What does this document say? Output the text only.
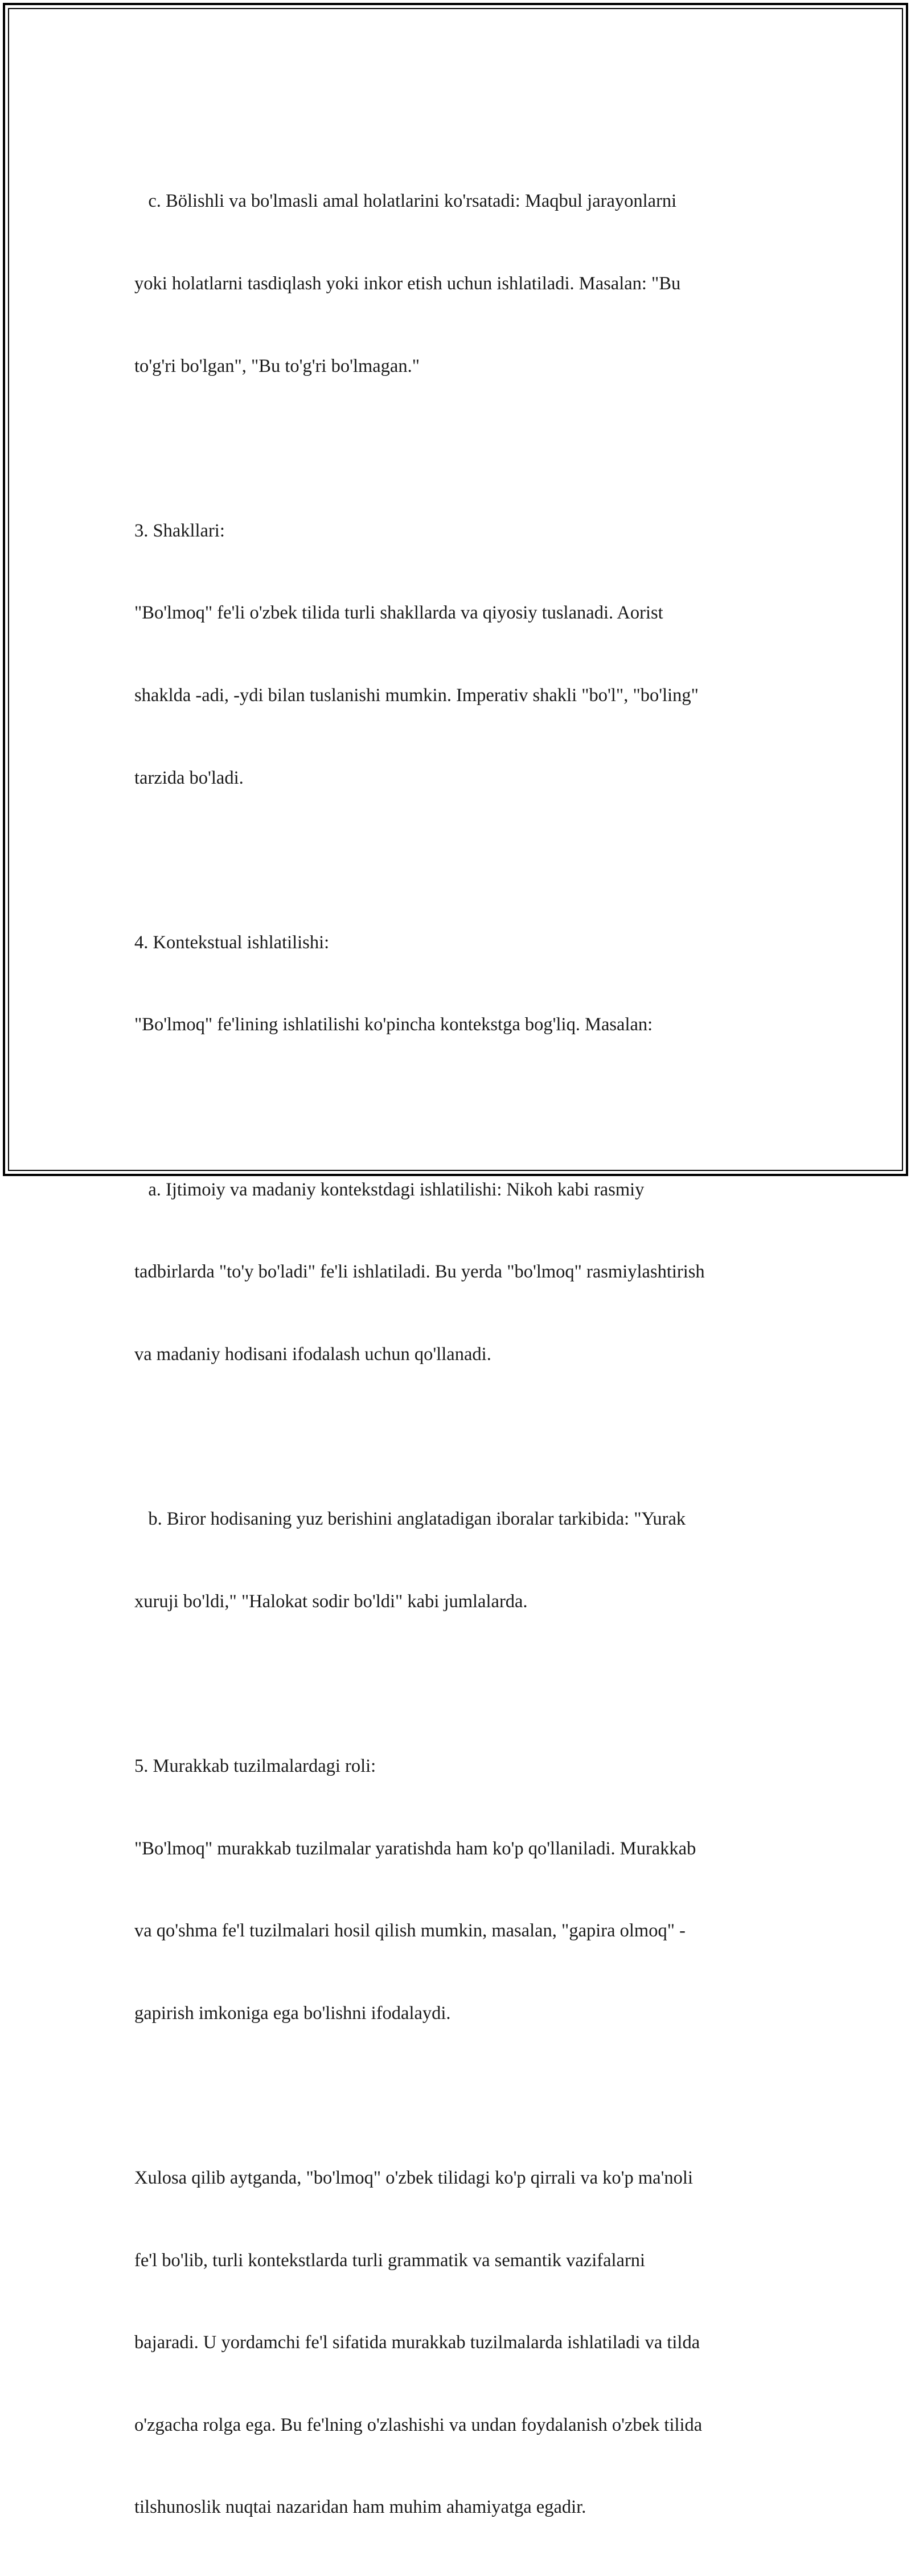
c. Bölishli va bo'lmasli amal holatlarini ko'rsatadi: Maqbul jarayonlarni

yoki holatlarni tasdiqlash yoki inkor etish uchun ishlatiladi. Masalan: "Bu

to'g'ri bo'lgan", "Bu to'g'ri bo'lmagan."

3. Shakllari:

"Bo'lmoq" fe'li o'zbek tilida turli shakllarda va qiyosiy tuslanadi. Aorist

shaklda -adi, -ydi bilan tuslanishi mumkin. Imperativ shakli "bo'l", "bo'ling"

tarzida bo'ladi.

4. Kontekstual ishlatilishi:

"Bo'lmoq" fe'lining ishlatilishi ko'pincha kontekstga bog'liq. Masalan:

a. Ijtimoiy va madaniy kontekstdagi ishlatilishi: Nikoh kabi rasmiy

tadbirlarda "to'y bo'ladi" fe'li ishlatiladi. Bu yerda "bo'lmoq" rasmiylashtirish

va madaniy hodisani ifodalash uchun qo'llanadi.

b. Biror hodisaning yuz berishini anglatadigan iboralar tarkibida: "Yurak

xuruji bo'ldi," "Halokat sodir bo'ldi" kabi jumlalarda.

5. Murakkab tuzilmalardagi roli:

"Bo'lmoq" murakkab tuzilmalar yaratishda ham ko'p qo'llaniladi. Murakkab

va qo'shma fe'l tuzilmalari hosil qilish mumkin, masalan, "gapira olmoq" -

gapirish imkoniga ega bo'lishni ifodalaydi.

Xulosa qilib aytganda, "bo'lmoq" o'zbek tilidagi ko'p qirrali va ko'p ma'noli

fe'l bo'lib, turli kontekstlarda turli grammatik va semantik vazifalarni

bajaradi. U yordamchi fe'l sifatida murakkab tuzilmalarda ishlatiladi va tilda

o'zgacha rolga ega. Bu fe'lning o'zlashishi va undan foydalanish o'zbek tilida

tilshunoslik nuqtai nazaridan ham muhim ahamiyatga egadir.
